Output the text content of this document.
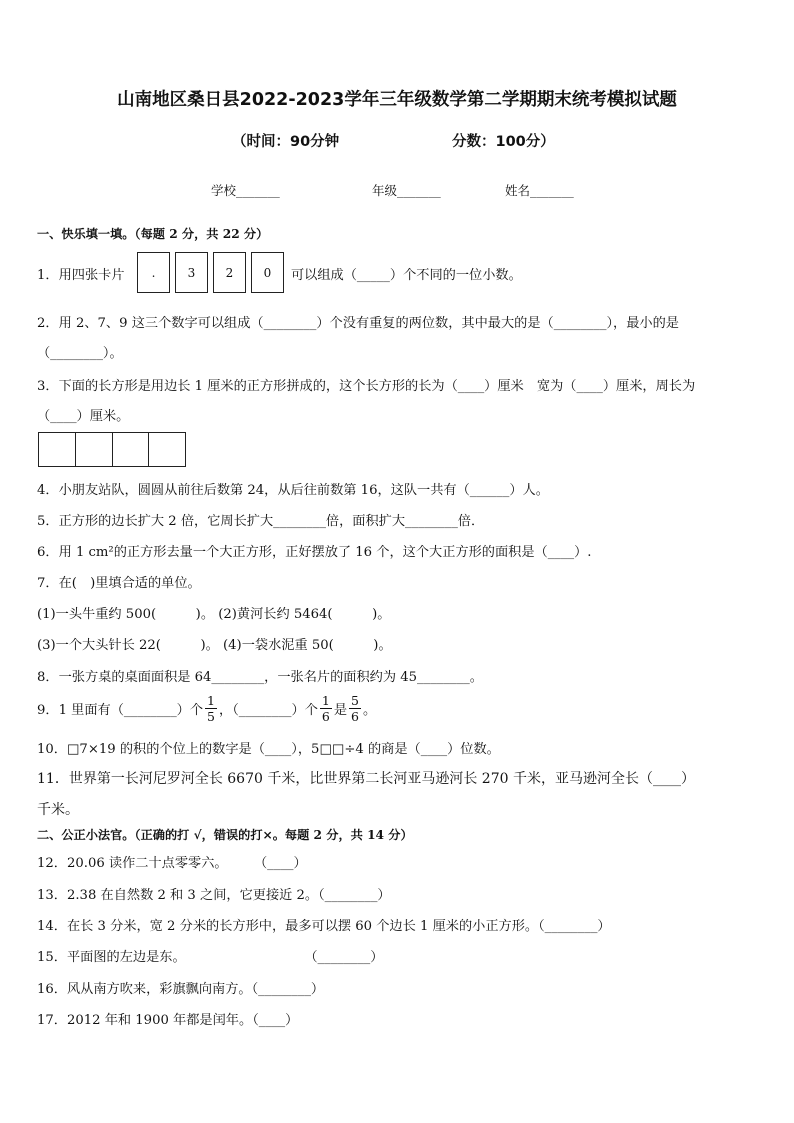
山南地区桑日县2022-2023学年三年级数学第二学期期末统考模拟试题
（时间：90分钟	分数：100分）
学校_______	年级_______	姓名_______
一、快乐填一填。（每题 2 分，共 22 分）
1．用四张卡片	.	3	2	0	可以组成（_____）个不同的一位小数。
2．用 2、7、9 这三个数字可以组成（________）个没有重复的两位数，其中最大的是（________），最小的是
（________）。
3．下面的长方形是用边长 1 厘米的正方形拼成的，这个长方形的长为（____）厘米　宽为（____）厘米，周长为
（____）厘米。
4．小朋友站队，圆圆从前往后数第 24，从后往前数第 16，这队一共有（______）人。
5．正方形的边长扩大 2 倍，它周长扩大________倍，面积扩大________倍．
6．用 1 cm²的正方形去量一个大正方形，正好摆放了 16 个，这个大正方形的面积是（____）.
7．在(　)里填合适的单位。
(1)一头牛重约 500(　　　)。 (2)黄河长约 5464(　　　)。
(3)一个大头针长 22(　　　)。 (4)一袋水泥重 50(　　　)。
8．一张方桌的桌面面积是 64________，一张名片的面积约为 45________。
9．1 里面有（________）个 $\frac{1}{5}$ ，（________）个 $\frac{1}{6}$ 是 $\frac{5}{6}$ 。
10．□7×19 的积的个位上的数字是（____），5□□÷4 的商是（____）位数。
11．世界第一长河尼罗河全长 6670 千米，比世界第二长河亚马逊河长 270 千米，亚马逊河全长（____）
千米。
二、公正小法官。（正确的打 √，错误的打×。每题 2 分，共 14 分）
12．20.06 读作二十点零零六。　　　（____）
13．2.38 在自然数 2 和 3 之间，它更接近 2。（________）
14．在长 3 分米，宽 2 分米的长方形中，最多可以摆 60 个边长 1 厘米的小正方形。（________）
15．平面图的左边是东。　　　　　　　　　　（________）
16．风从南方吹来，彩旗飘向南方。（________）
17．2012 年和 1900 年都是闰年。（____）
